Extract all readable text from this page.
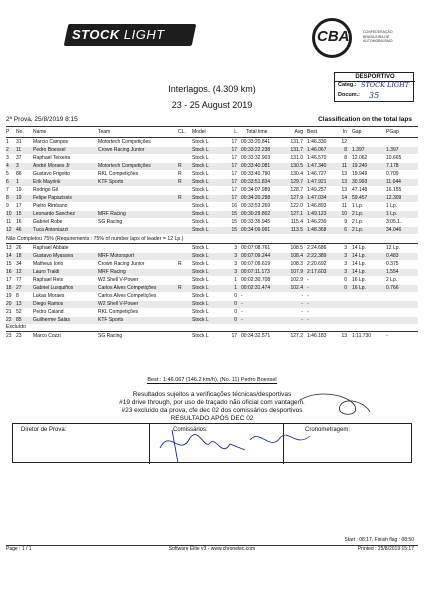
STOCK LIGHT	CBA	CONFEDERAÇÃO BRASILEIRA DE AUTOMOBILISMO
DESPORTIVO
Categ.: STOCK LIGHT
Docum.: 35
Interlagos. (4.309 km)
23 - 25 August 2019
2ª Prova, 25/8/2019 8:15	Classification on the total laps
P	No.	Name	Team	CL.	Model	L Total time	Avg Best	In Gap	PGap
1	31	Marcio Campos	Motortech Competições	Stock L	17 00:33:20.841	131.7 1:46.330	12
2	11	Pedro Boessel	Crown Racing Junior	Stock L	17 00:33:22.238	131.7 1:46.067	8 1.397	1.397
3	37	Raphael Teixeira	Stock L	17 00:33:32.903	131.0 1:46.570	8 12.062	10.665
4	3	André Moraes Jr	Motortech Competições	R	Stock L	17 00:33:40.081	130.5 1:47.340	11 19.240	7.178
5	86	Gustavo Frigotto	RKL Competições	R	Stock L	17 00:33:40.790	130.4 1:46.727	13 19.949	0.709
6	1	Erik Mayrink	KTF Sports	R	Stock L	17 00:33:51.834	129.7 1:47.921	13 30.993	11.044
7	19	Rodrigo Gil	Stock L	17 00:34:07.989	128.7 1:49.257	13 47.148	16.155
8	19	Felipe Papazissis	R	Stock L	17 00:34:20.298	127.9 1:47.034	14 59.457	12.309
9	17	Pietro Rimbano	Stock L	16 00:33:53.269	122.0 1:46.893	11 1 Lp.	1 Lp.
10 15	Leonardo Sanchez	MRF Racing	Stock L	15 00:30:29.802	127.1 1:49.123	10 2 Lp.	1 Lp.
11 16	Gabriel Robe	SG Racing	Stock L	15 00:33:35.945	115.4 1:46.230	9 2 Lp.	3:05.1..
12 46	Tuca Antoniazzi	Stock L	15 00:34:09.991	113.5 1:48.368	6 2 Lp.	34.046
Não Completou 75% (Requirements : 75% of number laps of leader = 12 Lp.)
13 26	Raphael Abbate	Stock L	3 00:07:08.761	108.5 2:24.686	3 14 Lp.	12 Lp.
14 18	Gustavo Myasava	MRF Motorsport	Stock L	3 00:07:09.244	108.4 2:22.389	3 14 Lp.	0.483
15 34	Matheus Iorio	Crown Racing Junior	R	Stock L	3 00:07:09.619	108.3 2:20.692	3 14 Lp.	0.375
16 12	Lauro Traldi	MRF Racing	Stock L	3 00:07:11.173	107.9 2:17.603	3 14 Lp.	1.554
17 77	Raphael Reis	W2 Shell V-Power	Stock L	1 00:02:30.708	102.9 -	0 16 Lp.	2 Lp.
18 27	Gabriel Lusquiños	Carlos Alves Competições	R	Stock L	1 00:02:31.474	102.4 -	0 16 Lp.	0.766
19 8	Lukas Moraes	Carlos Alves Competições	Stock L	0 -	- -
20 13	Diego Ramos	W2 Shell V-Power	Stock L	0 -	- -
21 52	Pedro Caland	RKL Competições	Stock L	0 -	- -
22 85	Guilherme Salas	KTF Sports	Stock L	0 -	- -
Excluído
23 23	Marco Cozzi	SG Racing	Stock L	17 00:34:32.571	127.2 1:46.183	13 1:11.730	-
Best : 1:46.067 (146.2 km/h), (No. 11) Pedro Boessel
Resultados sujeitos a verificações técnicas/desportivas
#19 drive through, por uso de traçado não oficial com vantagem.
#23 excluído da prova, cfe dec 02 dos comissários desportivos
RESULTADO APÓS DEC 02
Diretor de Prova:	Comissários:	Cronometragem:
Start : 08:17, Finish flag : 08:50
Page : 1 / 1	Software Elite v3 - www.chronelec.com	Printed : 25/8/2019 15:17
